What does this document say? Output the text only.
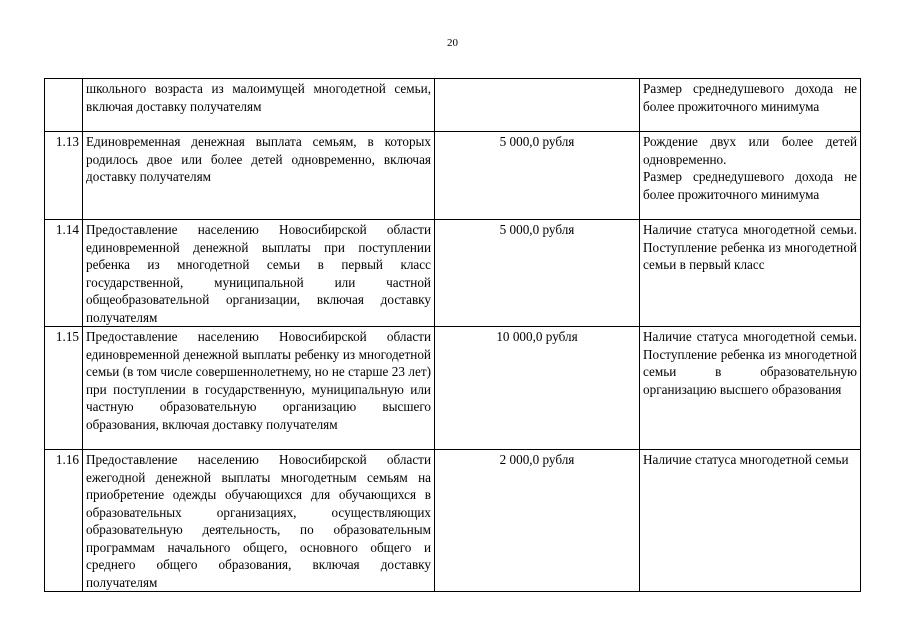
20
	школьного возраста из малоимущей многодетной семьи, включая доставку получателям		Размер среднедушевого дохода не более прожиточного минимума

1.13	Единовременная денежная выплата семьям, в которых родилось двое или более детей одновременно, включая доставку получателям	5 000,0 рубля	Рождение двух или более детей одновременно.
Размер среднедушевого дохода не более прожиточного минимума

1.14	Предоставление населению Новосибирской области единовременной денежной выплаты при поступлении ребенка из многодетной семьи в первый класс государственной, муниципальной или частной общеобразовательной организации, включая доставку получателям	5 000,0 рубля	Наличие статуса многодетной семьи. Поступление ребенка из многодетной семьи в первый класс

1.15	Предоставление населению Новосибирской области единовременной денежной выплаты ребенку из многодетной семьи (в том числе совершеннолетнему, но не старше 23 лет) при поступлении в государственную, муниципальную или частную образовательную организацию высшего образования, включая доставку получателям	10 000,0 рубля	Наличие статуса многодетной семьи. Поступление ребенка из многодетной семьи в образовательную организацию высшего образования

1.16	Предоставление населению Новосибирской области ежегодной денежной выплаты многодетным семьям на приобретение одежды обучающихся для обучающихся в образовательных организациях, осуществляющих образовательную деятельность, по образовательным программам начального общего, основного общего и среднего общего образования, включая доставку получателям	2 000,0 рубля	Наличие статуса многодетной семьи
